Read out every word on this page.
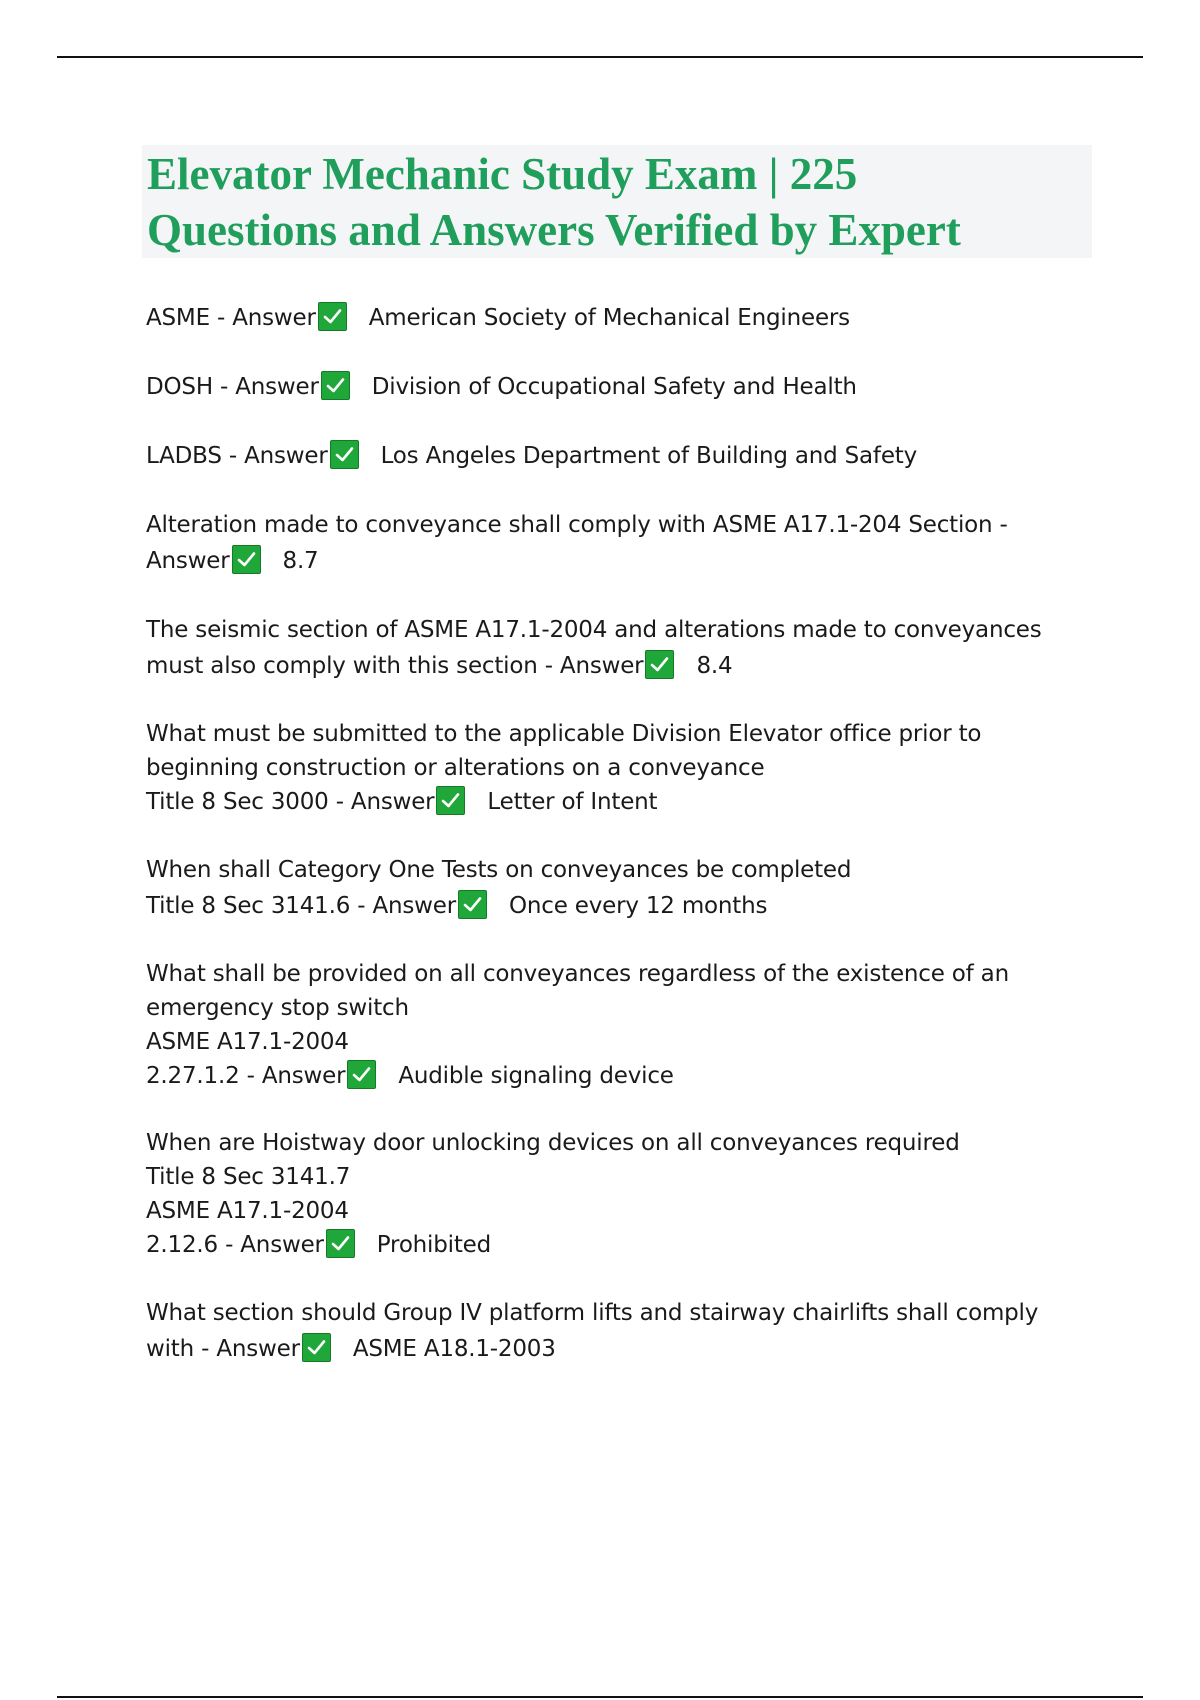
Elevator Mechanic Study Exam | 225
Questions and Answers Verified by Expert
ASME - Answer American Society of Mechanical Engineers
DOSH - Answer Division of Occupational Safety and Health
LADBS - Answer Los Angeles Department of Building and Safety
Alteration made to conveyance shall comply with ASME A17.1-204 Section -
Answer 8.7
The seismic section of ASME A17.1-2004 and alterations made to conveyances
must also comply with this section - Answer 8.4
What must be submitted to the applicable Division Elevator office prior to
beginning construction or alterations on a conveyance
Title 8 Sec 3000 - Answer Letter of Intent
When shall Category One Tests on conveyances be completed
Title 8 Sec 3141.6 - Answer Once every 12 months
What shall be provided on all conveyances regardless of the existence of an
emergency stop switch
ASME A17.1-2004
2.27.1.2 - Answer Audible signaling device
When are Hoistway door unlocking devices on all conveyances required
Title 8 Sec 3141.7
ASME A17.1-2004
2.12.6 - Answer Prohibited
What section should Group IV platform lifts and stairway chairlifts shall comply
with - Answer ASME A18.1-2003
